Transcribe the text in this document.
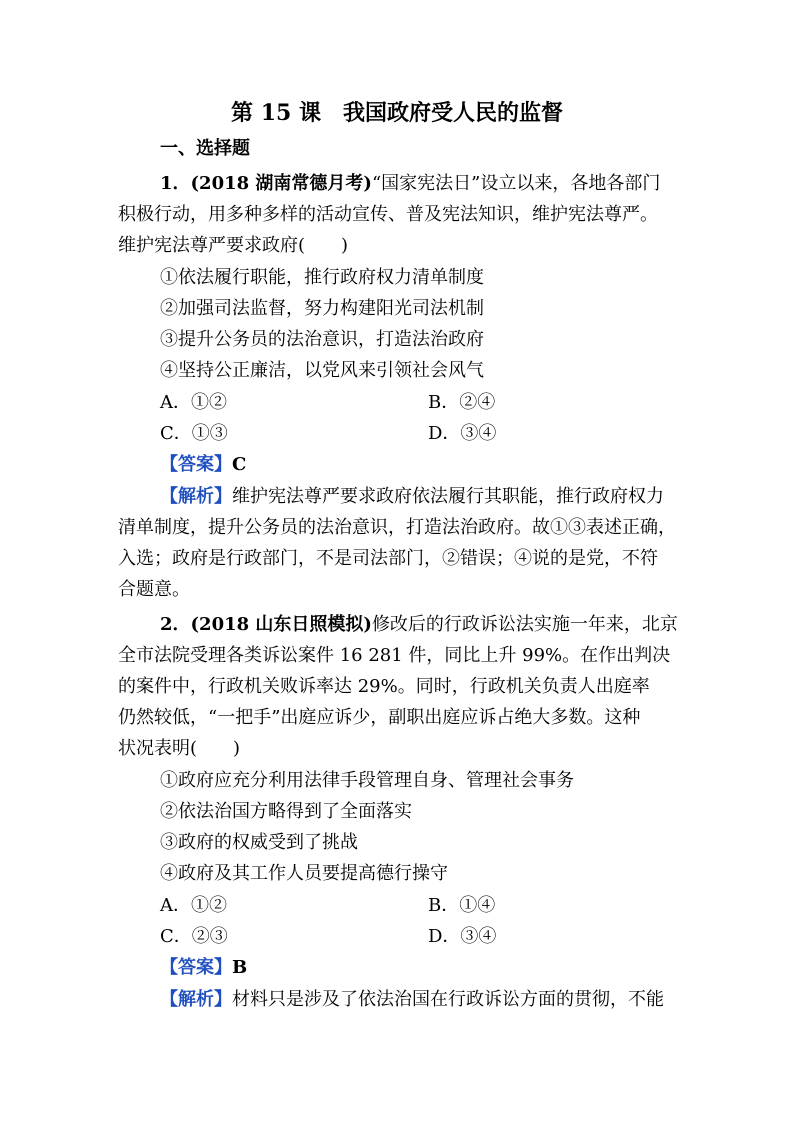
第 15 课　我国政府受人民的监督
一、选择题
1．(2018 湖南常德月考)“国家宪法日”设立以来，各地各部门
积极行动，用多种多样的活动宣传、普及宪法知识，维护宪法尊严。
维护宪法尊严要求政府(　　)
①依法履行职能，推行政府权力清单制度
②加强司法监督，努力构建阳光司法机制
③提升公务员的法治意识，打造法治政府
④坚持公正廉洁，以党风来引领社会风气
A．①②	B．②④
C．①③	D．③④
【答案】C
【解析】维护宪法尊严要求政府依法履行其职能，推行政府权力
清单制度，提升公务员的法治意识，打造法治政府。故①③表述正确，
入选；政府是行政部门，不是司法部门，②错误；④说的是党，不符
合题意。
2．(2018 山东日照模拟)修改后的行政诉讼法实施一年来，北京
全市法院受理各类诉讼案件 16 281 件，同比上升 99%。在作出判决
的案件中，行政机关败诉率达 29%。同时，行政机关负责人出庭率
仍然较低，“一把手”出庭应诉少，副职出庭应诉占绝大多数。这种
状况表明(　　)
①政府应充分利用法律手段管理自身、管理社会事务
②依法治国方略得到了全面落实
③政府的权威受到了挑战
④政府及其工作人员要提高德行操守
A．①②	B．①④
C．②③	D．③④
【答案】B
【解析】材料只是涉及了依法治国在行政诉讼方面的贯彻，不能
